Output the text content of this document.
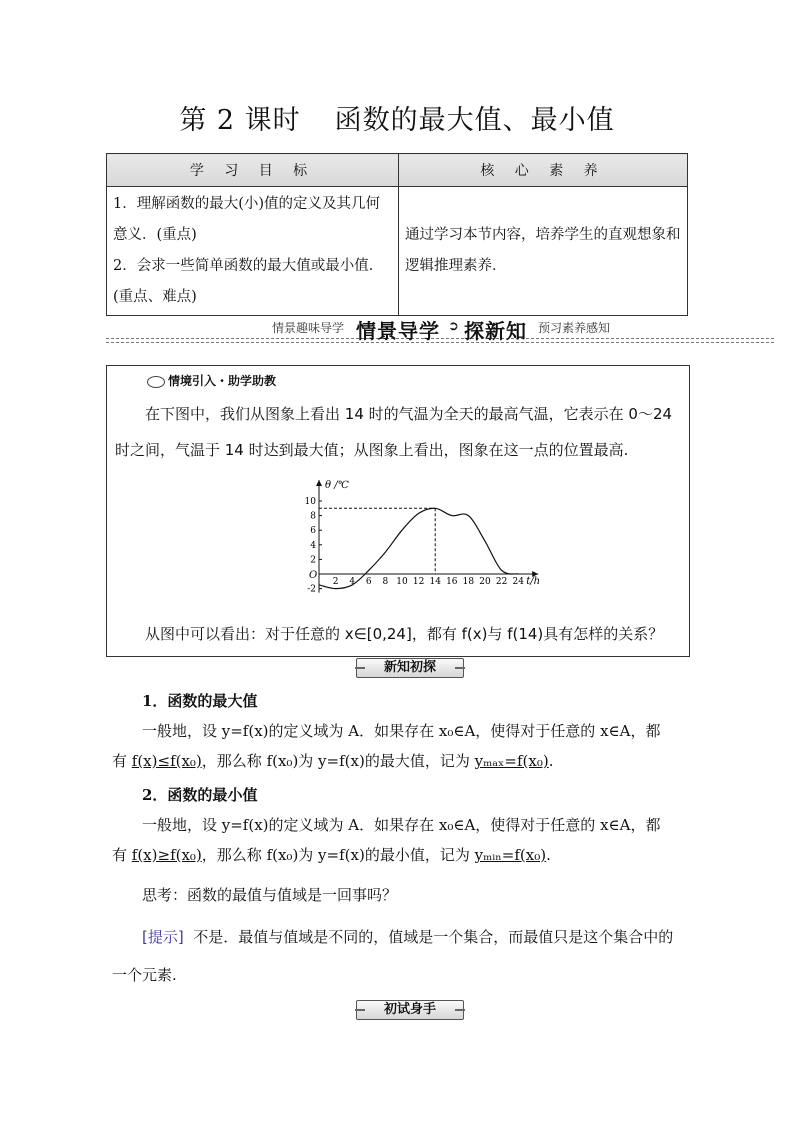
第 2 课时 函数的最大值、最小值
学 习 目 标	核 心 素 养

1．理解函数的最大(小)值的定义及其几何意义．(重点)
2．会求一些简单函数的最大值或最小值．(重点、难点)	通过学习本节内容，培养学生的直观想象和逻辑推理素养．
情景趣味导学 情景导学 ➲ 探新知 预习素养感知
情境引入・助学助教
在下图中，我们从图象上看出 14 时的气温为全天的最高气温，它表示在 0～24 时之间，气温于 14 时达到最大值；从图象上看出，图象在这一点的位置最高.
2 4 6 8 10 12 14 16 18 20 22 24
10
8
6
4
2
-2
θ /℃
t/h
O
从图中可以看出：对于任意的 x∈[0,24]，都有 f(x)与 f(14)具有怎样的关系？
新知初探
1．函数的最大值
一般地，设 y=f(x)的定义域为 A．如果存在 x₀∈A，使得对于任意的 x∈A，都
有 f(x)≤f(x₀)，那么称 f(x₀)为 y=f(x)的最大值，记为 yₘₐₓ=f(x₀).
2．函数的最小值
一般地，设 y=f(x)的定义域为 A．如果存在 x₀∈A，使得对于任意的 x∈A，都
有 f(x)≥f(x₀)，那么称 f(x₀)为 y=f(x)的最小值，记为 yₘᵢₙ=f(x₀).
思考：函数的最值与值域是一回事吗？
[提示] 不是．最值与值域是不同的，值域是一个集合，而最值只是这个集合中的一个元素.
初试身手
